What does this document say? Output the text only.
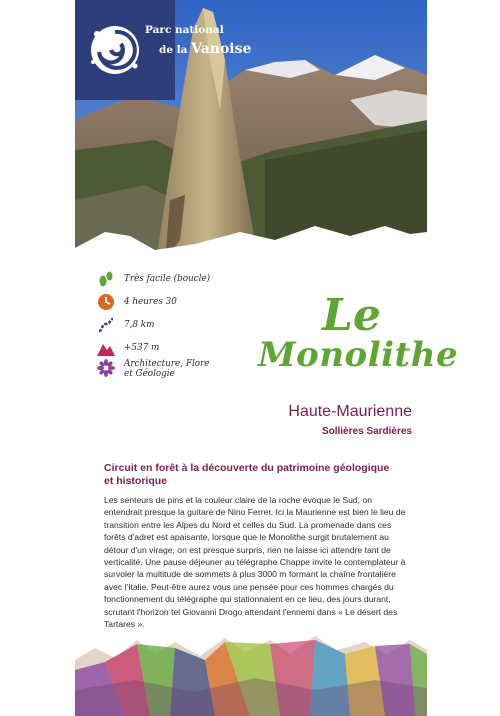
Parc national
de la Vanoise
Très facile (boucle)
4 heures 30
7,8 km
+537 m
Architecture, Flore et Géologie
Le
Monolithe
Haute-Maurienne
Sollières Sardières
Circuit en forêt à la découverte du patrimoine géologique et historique
Les senteurs de pins et la couleur claire de la roche évoque le Sud, on entendrait presque la guitare de Nino Ferrer. Ici la Maurienne est bien le lieu de transition entre les Alpes du Nord et celles du Sud. La promenade dans ces forêts d'adret est apaisante, lorsque que le Monolithe surgit brutalement au détour d'un virage, on est presque surpris, rien ne laisse ici attendre tant de verticalité. Une pause déjeuner au télégraphe Chappe invite le contemplateur à survoler la multitude de sommets à plus 3000 m formant la chaîne frontalière avec l'Italie. Peut-être aurez vous une pensée pour ces hommes chargés du fonctionnement du télégraphe qui stationnaient en ce lieu, des jours durant, scrutant l'horizon tel Giovanni Drogo attendant l'ennemi dans « Le désert des Tartares ».
